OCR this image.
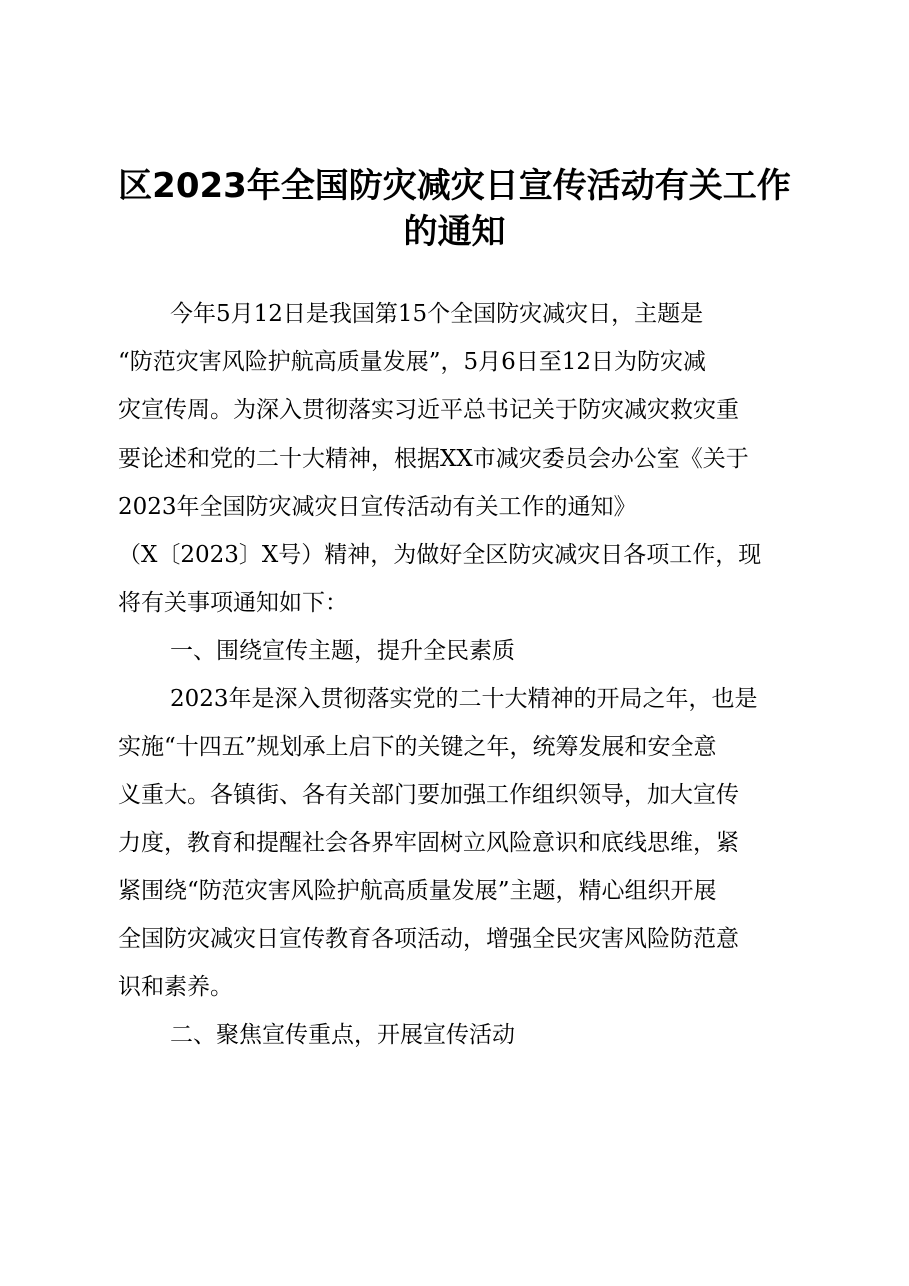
区2023年全国防灾减灾日宣传活动有关工作
的通知

今年5月12日是我国第15个全国防灾减灾日，主题是

“防范灾害风险护航高质量发展”，5月6日至12日为防灾减

灾宣传周。为深入贯彻落实习近平总书记关于防灾减灾救灾重

要论述和党的二十大精神，根据XX市减灾委员会办公室《关于

2023年全国防灾减灾日宣传活动有关工作的通知》

（X〔2023〕X号）精神，为做好全区防灾减灾日各项工作，现

将有关事项通知如下：

一、围绕宣传主题，提升全民素质

2023年是深入贯彻落实党的二十大精神的开局之年，也是

实施“十四五”规划承上启下的关键之年，统筹发展和安全意

义重大。各镇街、各有关部门要加强工作组织领导，加大宣传

力度，教育和提醒社会各界牢固树立风险意识和底线思维，紧

紧围绕“防范灾害风险护航高质量发展”主题，精心组织开展

全国防灾减灾日宣传教育各项活动，增强全民灾害风险防范意

识和素养。

二、聚焦宣传重点，开展宣传活动
